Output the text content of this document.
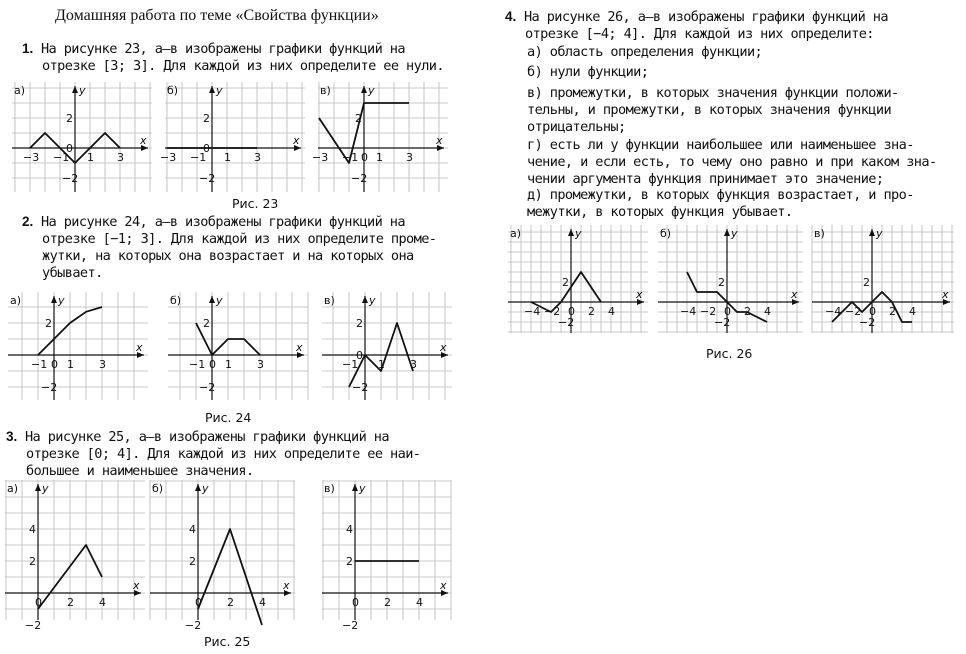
Домашняя работа по теме «Свойства функции»
1. На рисунке 23, а—в изображены графики функций на
отрезке [3; 3]. Для каждой из них определите ее нули.
2. На рисунке 24, а—в изображены графики функций на
отрезке [−1; 3]. Для каждой из них определите проме-
жутки, на которых она возрастает и на которых она
убывает.
3. На рисунке 25, а—в изображены графики функций на
отрезке [0; 4]. Для каждой из них определите ее наи-
большее и наименьшее значения.
4. На рисунке 26, а—в изображены графики функций на
отрезке [−4; 4]. Для каждой из них определите:
а) область определения функции;
б) нули функции;
в) промежутки, в которых значения функции положи-
тельны, и промежутки, в которых значения функции
отрицательны;
г) есть ли у функции наибольшее или наименьшее зна-
чение, и если есть, то чему оно равно и при каком зна-
чении аргумента функция принимает это значение;
д) промежутки, в которых функция возрастает, и про-
межутки, в которых функция убывает.
а)	y
x
−3 −1 1 3
2
0
−2
б)	y
x
−3 −1 1 3
2
0
−2
в)	y
x
−3 −1 0 1 3
2
−2
а)	y
x
−1 0 1 3
2
−2
б)	y
x
−1 0 1 3
2
−2
в)	y
x
−1 1 3
2
0
−2
а) y
x
0 2 4
4
2
−2
б)	y
x
0 2 4
4
2
−2
в) y
x
0 2 4
4
2
−2
а)	y
x
−4 −2 0 2 4
2
−2
б)	y
x
−4 −2 0 2 4
2
−2
в)	y
x
−4 −2 0 2 4
2
−2
Рис. 23
Рис. 24
Рис. 25
Рис. 26
